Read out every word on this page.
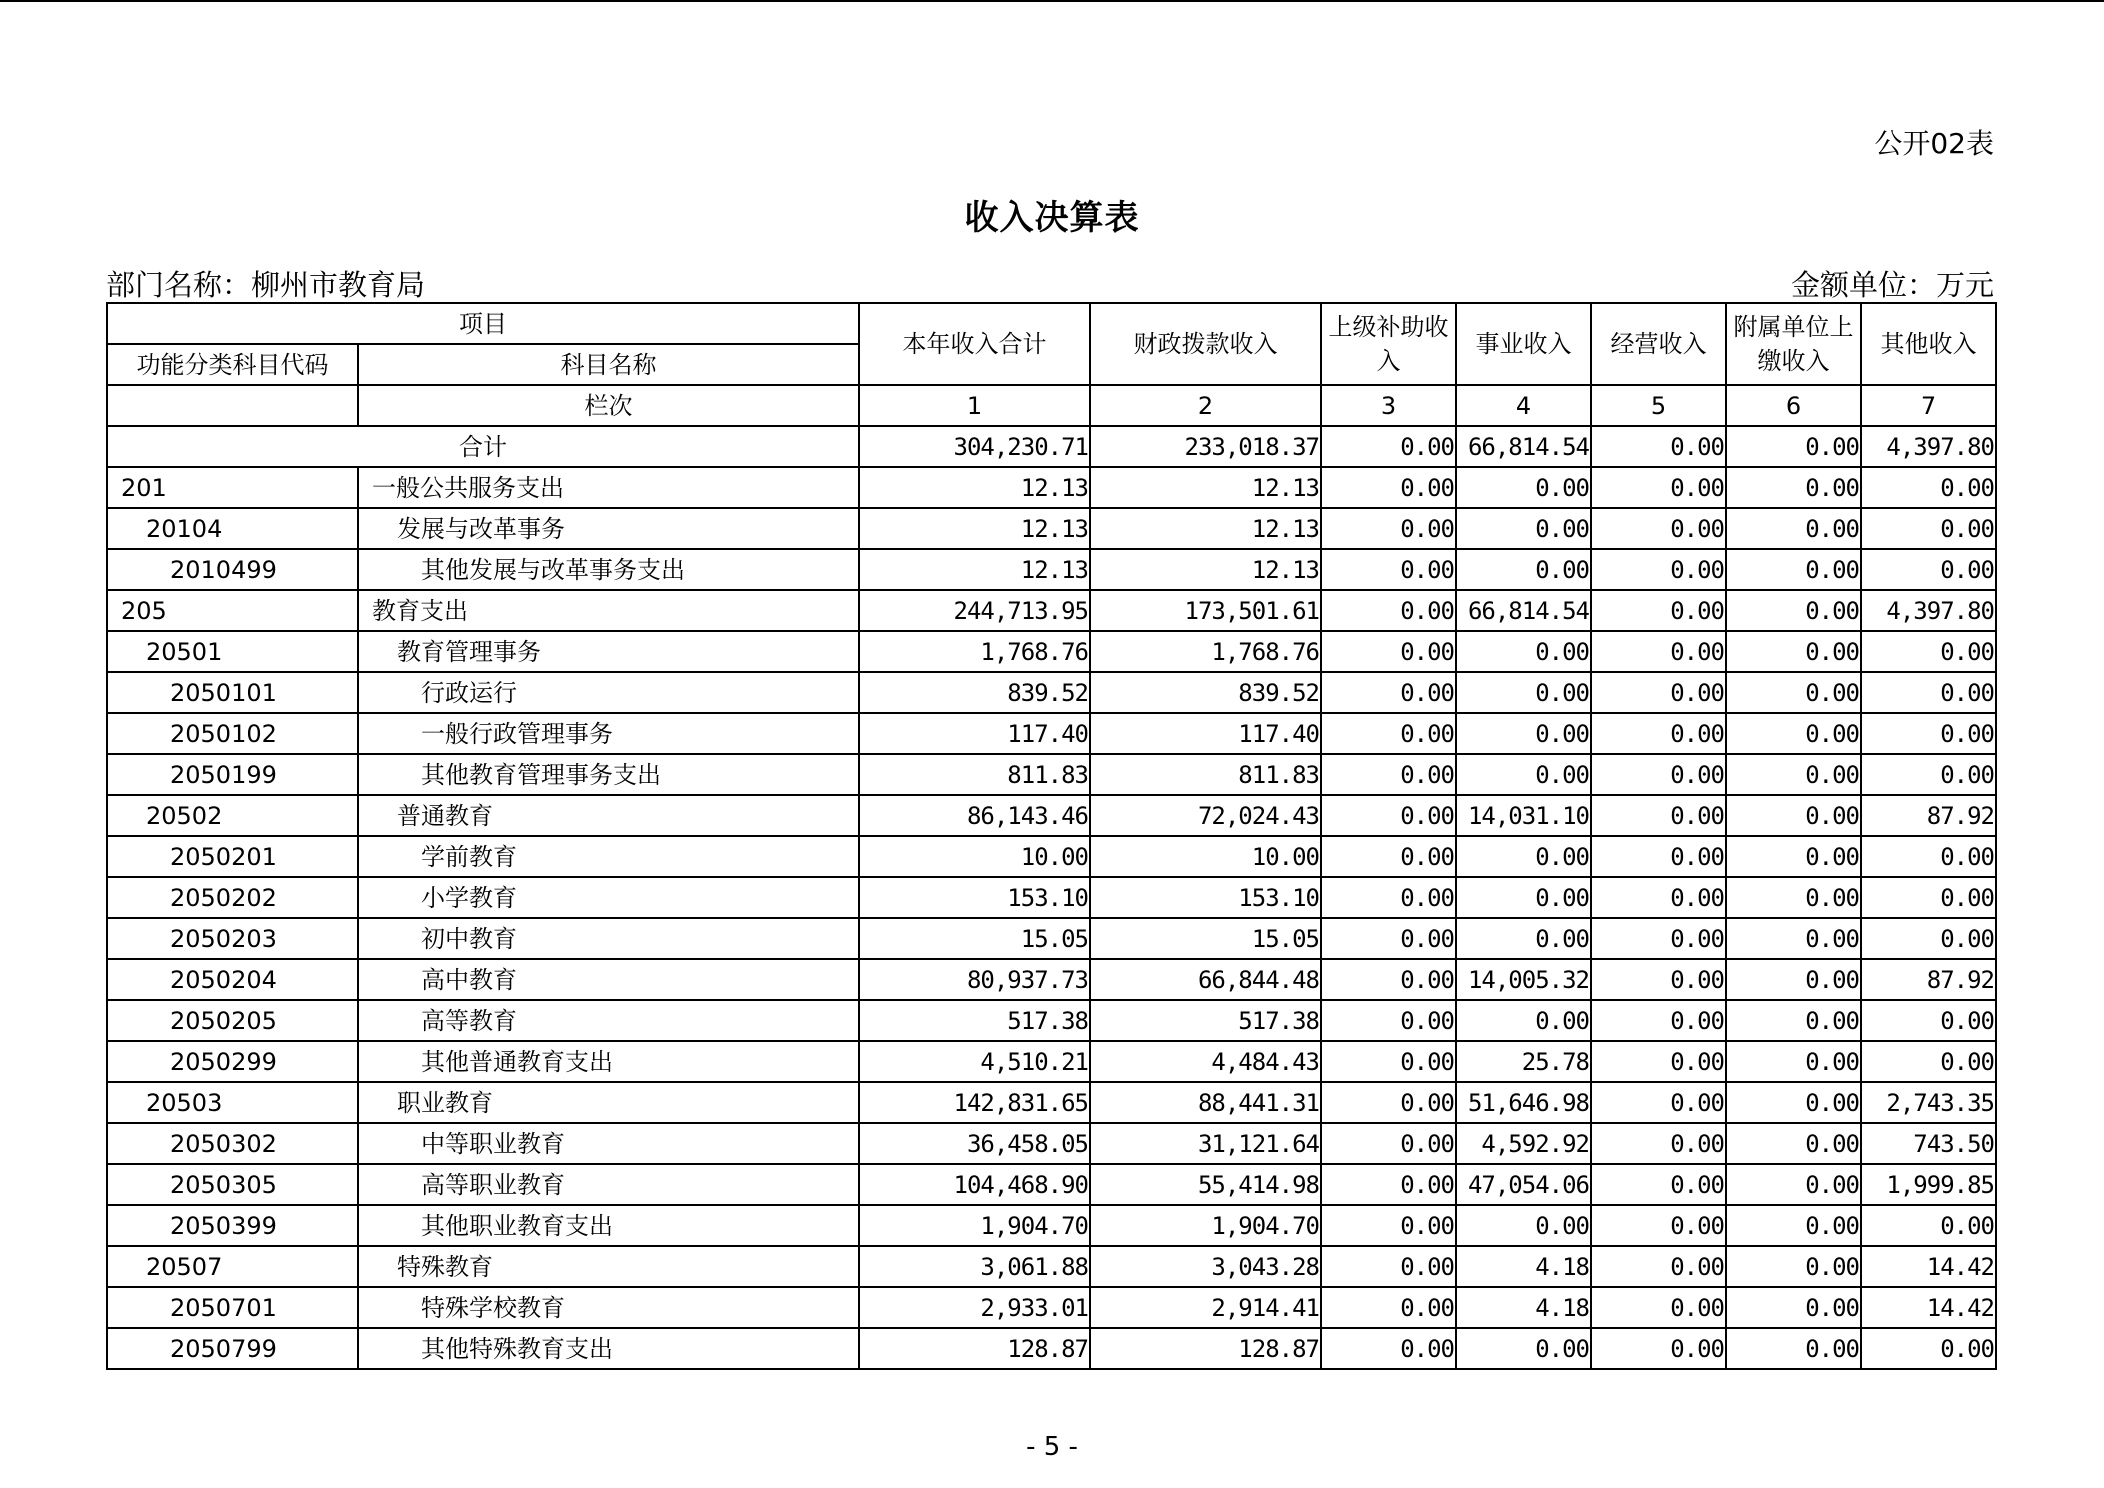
公开02表
收入决算表
部门名称：柳州市教育局	金额单位：万元
项目		本年收入合计	财政拨款收入	上级补助收入	事业收入	经营收入	附属单位上缴收入	其他收入
功能分类科目代码	科目名称							
	栏次	1	2	3	4	5	6	7
合计		304,230.71	233,018.37	0.00	66,814.54	0.00	0.00	4,397.80
201	一般公共服务支出	12.13	12.13	0.00	0.00	0.00	0.00	0.00
20104	发展与改革事务	12.13	12.13	0.00	0.00	0.00	0.00	0.00
2010499	其他发展与改革事务支出	12.13	12.13	0.00	0.00	0.00	0.00	0.00
205	教育支出	244,713.95	173,501.61	0.00	66,814.54	0.00	0.00	4,397.80
20501	教育管理事务	1,768.76	1,768.76	0.00	0.00	0.00	0.00	0.00
2050101	行政运行	839.52	839.52	0.00	0.00	0.00	0.00	0.00
2050102	一般行政管理事务	117.40	117.40	0.00	0.00	0.00	0.00	0.00
2050199	其他教育管理事务支出	811.83	811.83	0.00	0.00	0.00	0.00	0.00
20502	普通教育	86,143.46	72,024.43	0.00	14,031.10	0.00	0.00	87.92
2050201	学前教育	10.00	10.00	0.00	0.00	0.00	0.00	0.00
2050202	小学教育	153.10	153.10	0.00	0.00	0.00	0.00	0.00
2050203	初中教育	15.05	15.05	0.00	0.00	0.00	0.00	0.00
2050204	高中教育	80,937.73	66,844.48	0.00	14,005.32	0.00	0.00	87.92
2050205	高等教育	517.38	517.38	0.00	0.00	0.00	0.00	0.00
2050299	其他普通教育支出	4,510.21	4,484.43	0.00	25.78	0.00	0.00	0.00
20503	职业教育	142,831.65	88,441.31	0.00	51,646.98	0.00	0.00	2,743.35
2050302	中等职业教育	36,458.05	31,121.64	0.00	4,592.92	0.00	0.00	743.50
2050305	高等职业教育	104,468.90	55,414.98	0.00	47,054.06	0.00	0.00	1,999.85
2050399	其他职业教育支出	1,904.70	1,904.70	0.00	0.00	0.00	0.00	0.00
20507	特殊教育	3,061.88	3,043.28	0.00	4.18	0.00	0.00	14.42
2050701	特殊学校教育	2,933.01	2,914.41	0.00	4.18	0.00	0.00	14.42
2050799	其他特殊教育支出	128.87	128.87	0.00	0.00	0.00	0.00	0.00
- 5 -
